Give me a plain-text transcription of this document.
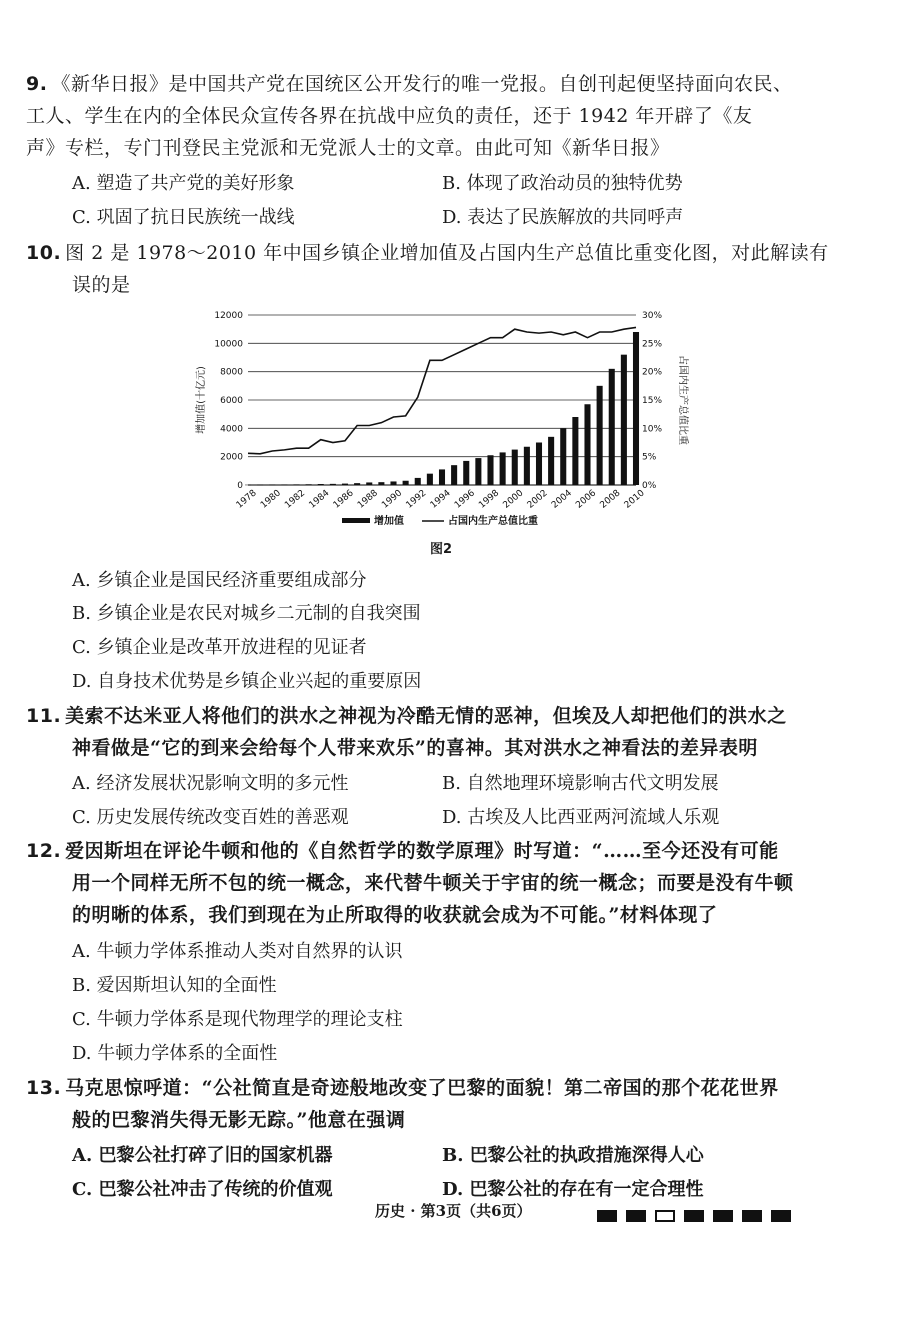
9. 《新华日报》是中国共产党在国统区公开发行的唯一党报。自创刊起便坚持面向农民、
工人、学生在内的全体民众宣传各界在抗战中应负的责任，还于 1942 年开辟了《友
声》专栏，专门刊登民主党派和无党派人士的文章。由此可知《新华日报》
A. 塑造了共产党的美好形象	B. 体现了政治动员的独特优势
C. 巩固了抗日民族统一战线	D. 表达了民族解放的共同呼声
10. 图 2 是 1978～2010 年中国乡镇企业增加值及占国内生产总值比重变化图，对此解读有
误的是
0
2000
4000
6000
8000
10000
12000
0%
5%
10%
15%
20%
25%
30%
增加值(十亿元)	占国内生产总值比重
1978 1980 1982 1984 1986 1988 1990 1992 1994 1996 1998 2000 2002 2004 2006 2008 2010
增加值	占国内生产总值比重
图2
A. 乡镇企业是国民经济重要组成部分
B. 乡镇企业是农民对城乡二元制的自我突围
C. 乡镇企业是改革开放进程的见证者
D. 自身技术优势是乡镇企业兴起的重要原因
11. 美索不达米亚人将他们的洪水之神视为冷酷无情的恶神，但埃及人却把他们的洪水之
神看做是“它的到来会给每个人带来欢乐”的喜神。其对洪水之神看法的差异表明
A. 经济发展状况影响文明的多元性	B. 自然地理环境影响古代文明发展
C. 历史发展传统改变百姓的善恶观	D. 古埃及人比西亚两河流域人乐观
12. 爱因斯坦在评论牛顿和他的《自然哲学的数学原理》时写道：“……至今还没有可能
用一个同样无所不包的统一概念，来代替牛顿关于宇宙的统一概念；而要是没有牛顿
的明晰的体系，我们到现在为止所取得的收获就会成为不可能。”材料体现了
A. 牛顿力学体系推动人类对自然界的认识
B. 爱因斯坦认知的全面性
C. 牛顿力学体系是现代物理学的理论支柱
D. 牛顿力学体系的全面性
13. 马克思惊呼道：“公社简直是奇迹般地改变了巴黎的面貌！第二帝国的那个花花世界
般的巴黎消失得无影无踪。”他意在强调
A. 巴黎公社打碎了旧的国家机器	B. 巴黎公社的执政措施深得人心
C. 巴黎公社冲击了传统的价值观	D. 巴黎公社的存在有一定合理性
历史 · 第3页（共6页）
